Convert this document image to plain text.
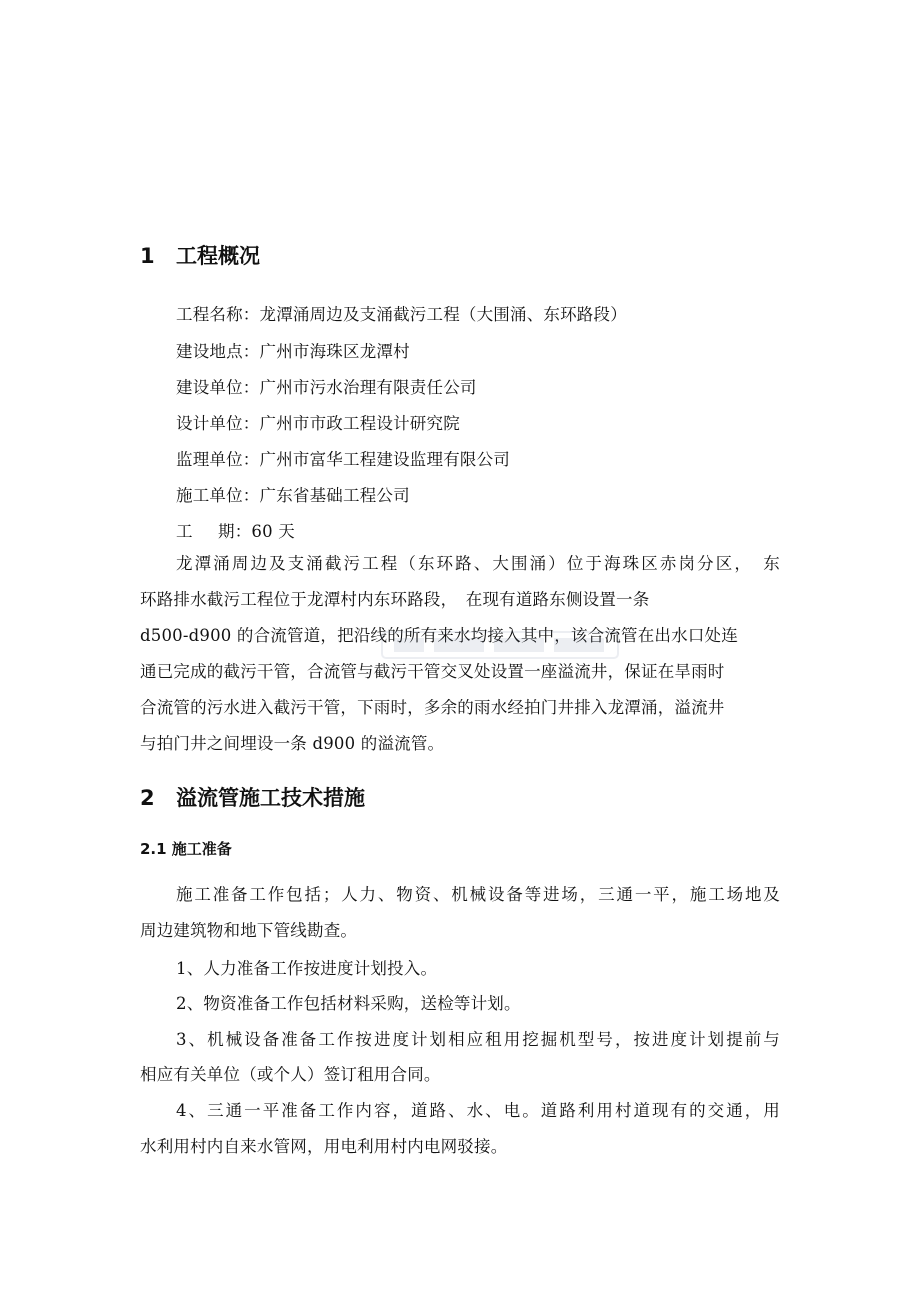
1 工程概况
工程名称：龙潭涌周边及支涌截污工程（大围涌、东环路段）
建设地点：广州市海珠区龙潭村
建设单位：广州市污水治理有限责任公司
设计单位：广州市市政工程设计研究院
监理单位：广州市富华工程建设监理有限公司
施工单位：广东省基础工程公司
工 期：60 天
龙潭涌周边及支涌截污工程（东环路、大围涌）位于海珠区赤岗分区，　东
环路排水截污工程位于龙潭村内东环路段，　在现有道路东侧设置一条
d500-d900 的合流管道，把沿线的所有来水均接入其中，该合流管在出水口处连
通已完成的截污干管，合流管与截污干管交叉处设置一座溢流井，保证在旱雨时
合流管的污水进入截污干管，下雨时，多余的雨水经拍门井排入龙潭涌，溢流井
与拍门井之间埋设一条 d900 的溢流管。
2 溢流管施工技术措施
2.1 施工准备
施工准备工作包括；人力、物资、机械设备等进场，三通一平，施工场地及
周边建筑物和地下管线勘查。
1、人力准备工作按进度计划投入。
2、物资准备工作包括材料采购，送检等计划。
3、机械设备准备工作按进度计划相应租用挖掘机型号，按进度计划提前与
相应有关单位（或个人）签订租用合同。
4、三通一平准备工作内容，道路、水、电。道路利用村道现有的交通，用
水利用村内自来水管网，用电利用村内电网驳接。
